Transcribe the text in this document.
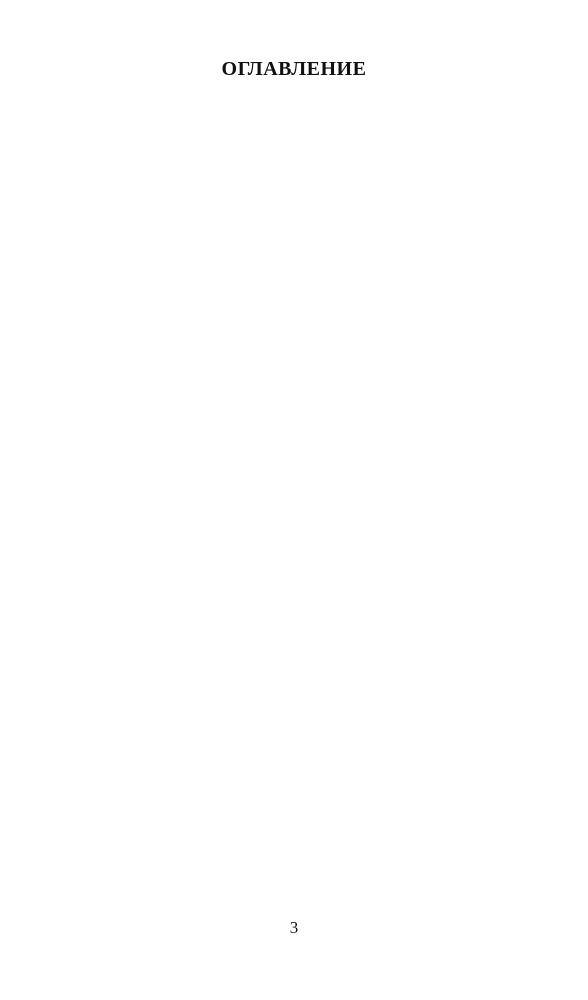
ОГЛАВЛЕНИЕ
3
